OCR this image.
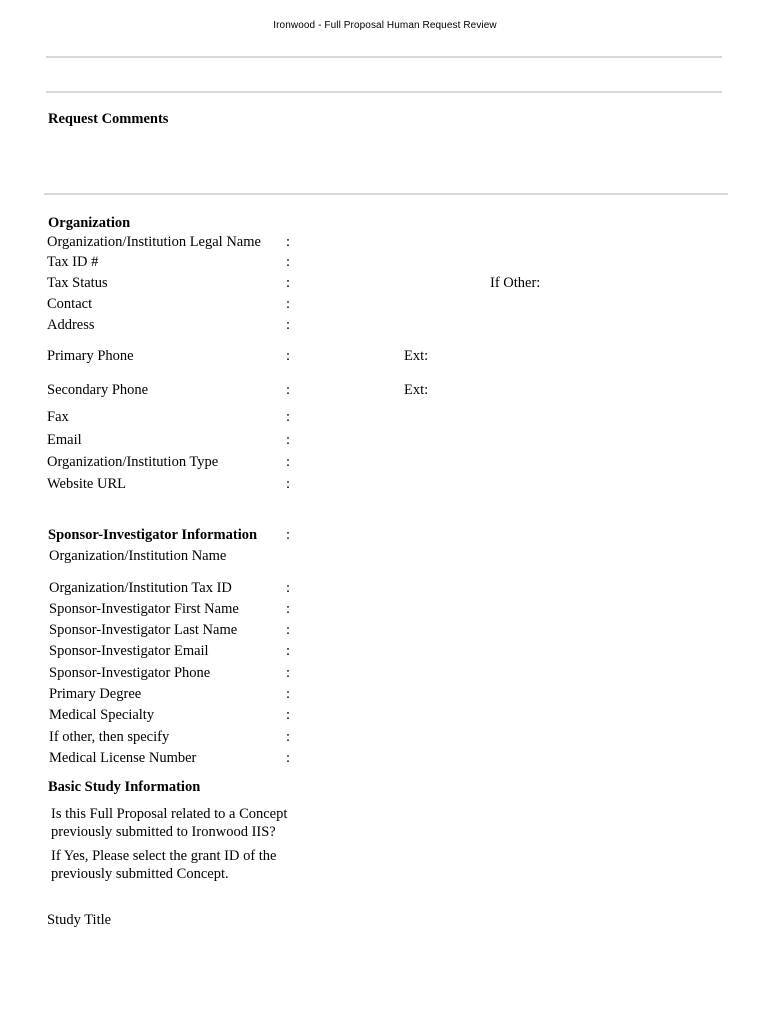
Ironwood - Full Proposal Human Request Review
Request Comments
Organization
Organization/Institution Legal Name :
Tax ID #	:
Tax Status	:	If Other:
Contact	:
Address	:
Primary Phone	:	Ext:
Secondary Phone	:	Ext:
Fax	:
Email	:
Organization/Institution Type	:
Website URL	:
Sponsor-Investigator Information :
Organization/Institution Name
Organization/Institution Tax ID	:
Sponsor-Investigator First Name	:
Sponsor-Investigator Last Name	:
Sponsor-Investigator Email	:
Sponsor-Investigator Phone	:
Primary Degree	:
Medical Specialty	:
If other, then specify	:
Medical License Number	:
Basic Study Information
Is this Full Proposal related to a Concept
previously submitted to Ironwood IIS?
If Yes, Please select the grant ID of the
previously submitted Concept.
Study Title
